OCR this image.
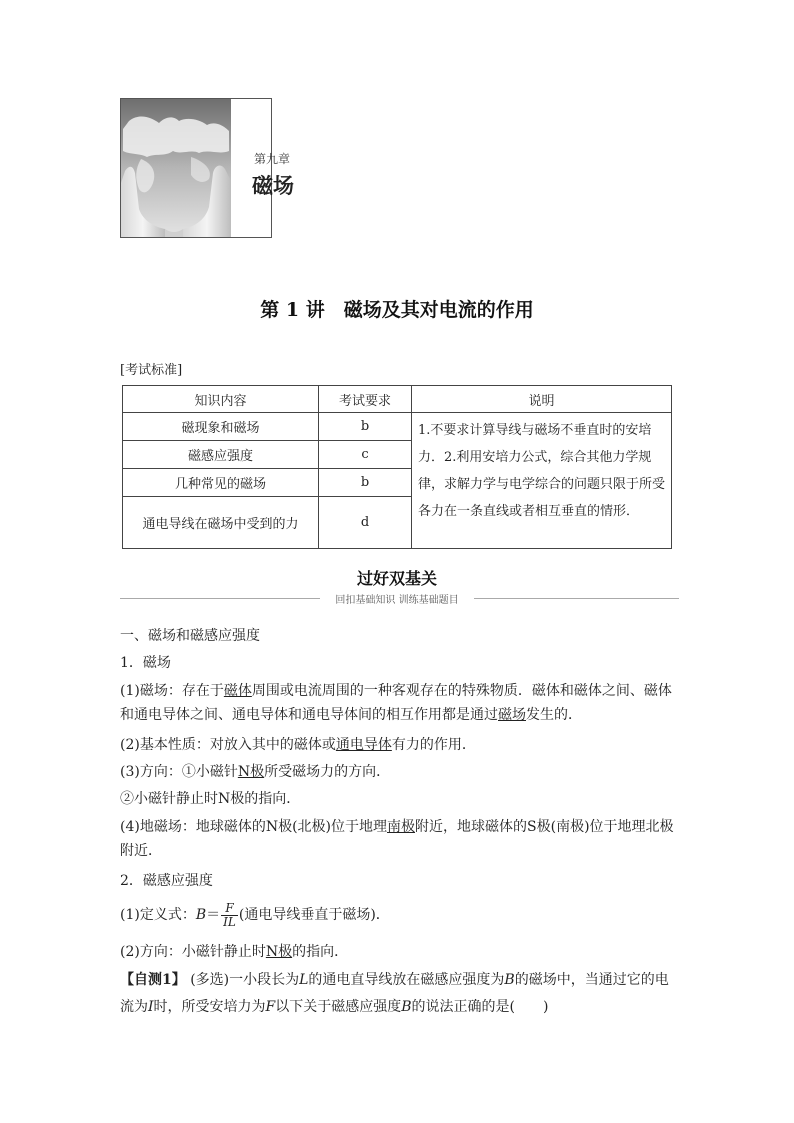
第九章
磁场
第 1 讲　磁场及其对电流的作用
[考试标准]
知识内容	考试要求	说明
磁现象和磁场	b	1.不要求计算导线与磁场不垂直时的安培力．2.利用安培力公式，综合其他力学规律，求解力学与电学综合的问题只限于所受各力在一条直线或者相互垂直的情形．
磁感应强度	c	
几种常见的磁场	b	
通电导线在磁场中受到的力	d	
过好双基关
回扣基础知识 训练基础题目
一、磁场和磁感应强度
1．磁场
(1)磁场：存在于磁体周围或电流周围的一种客观存在的特殊物质．磁体和磁体之间、磁体和通电导体之间、通电导体和通电导体间的相互作用都是通过磁场发生的．
(2)基本性质：对放入其中的磁体或通电导体有力的作用．
(3)方向：①小磁针N极所受磁场力的方向．
②小磁针静止时N极的指向．
(4)地磁场：地球磁体的N极(北极)位于地理南极附近，地球磁体的S极(南极)位于地理北极附近．
2．磁感应强度
(1)定义式：$B= \frac{F}{IL}$ (通电导线垂直于磁场)．
(2)方向：小磁针静止时N极的指向．
【自测1】 (多选)一小段长为L的通电直导线放在磁感应强度为B的磁场中，当通过它的电流为I时，所受安培力为F以下关于磁感应强度B的说法正确的是(　　)
